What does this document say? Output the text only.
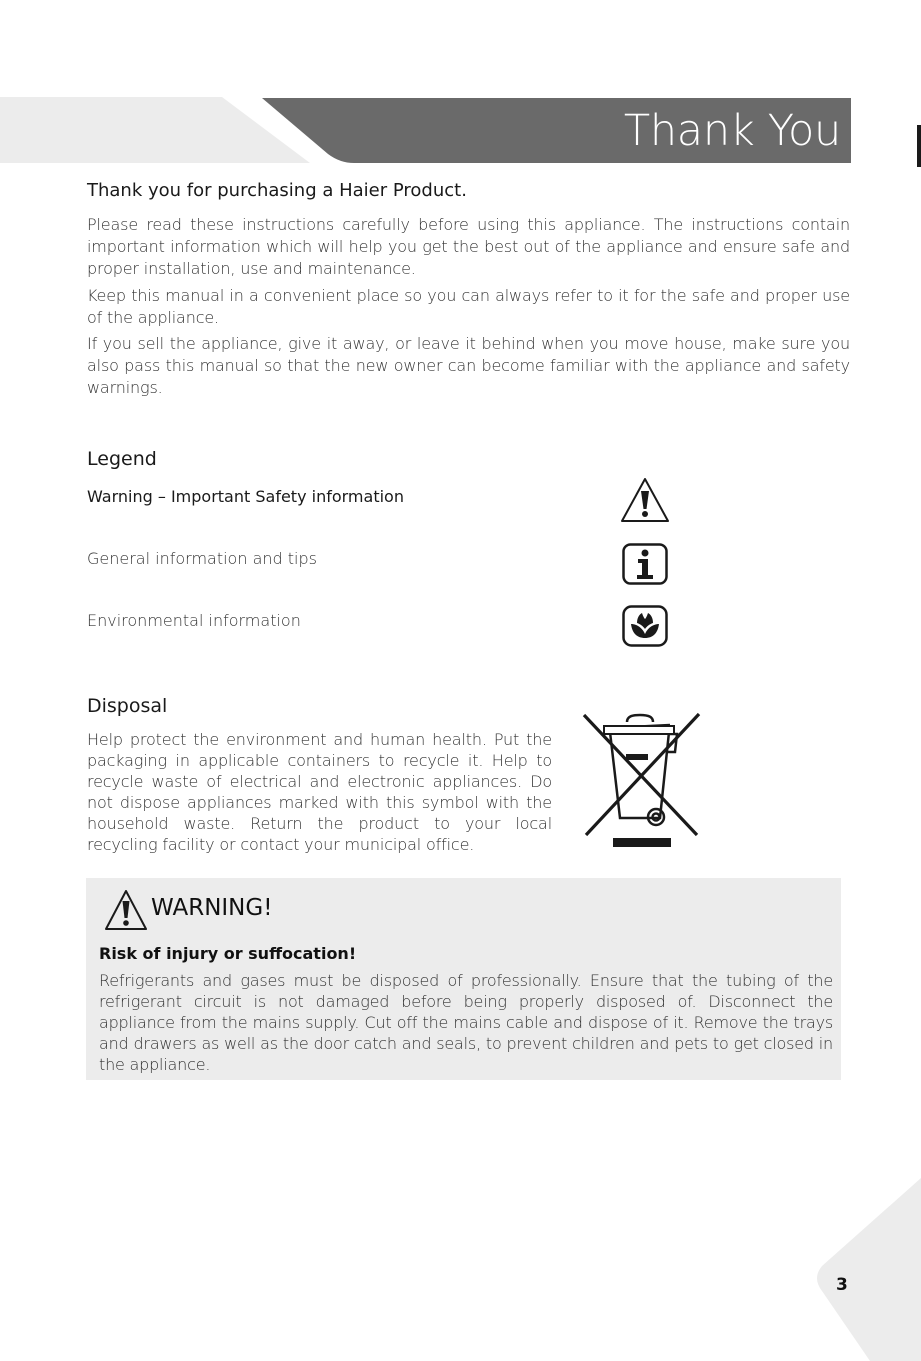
Thank You
Thank you for purchasing a Haier Product.

Please read these instructions carefully before using this appliance. The instructions contain important information which will help you get the best out of the appliance and ensure safe and proper installation, use and maintenance.

Keep this manual in a convenient place so you can always refer to it for the safe and proper use of the appliance.

If you sell the appliance, give it away, or leave it behind when you move house, make sure you also pass this manual so that the new owner can become familiar with the appliance and safety warnings.

Legend
Warning – Important Safety information
General information and tips
Environmental information
Disposal

Help protect the environment and human health. Put the packaging in applicable containers to recycle it. Help to recycle waste of electrical and electronic appliances. Do not dispose appliances marked with this symbol with the household waste. Return the product to your local recycling facility or contact your municipal office.

WARNING!
Risk of injury or suffocation!

Refrigerants and gases must be disposed of professionally. Ensure that the tubing of the refrigerant circuit is not damaged before being properly disposed of. Disconnect the appliance from the mains supply. Cut off the mains cable and dispose of it. Remove the trays and drawers as well as the door catch and seals, to prevent children and pets to get closed in the appliance.

3
